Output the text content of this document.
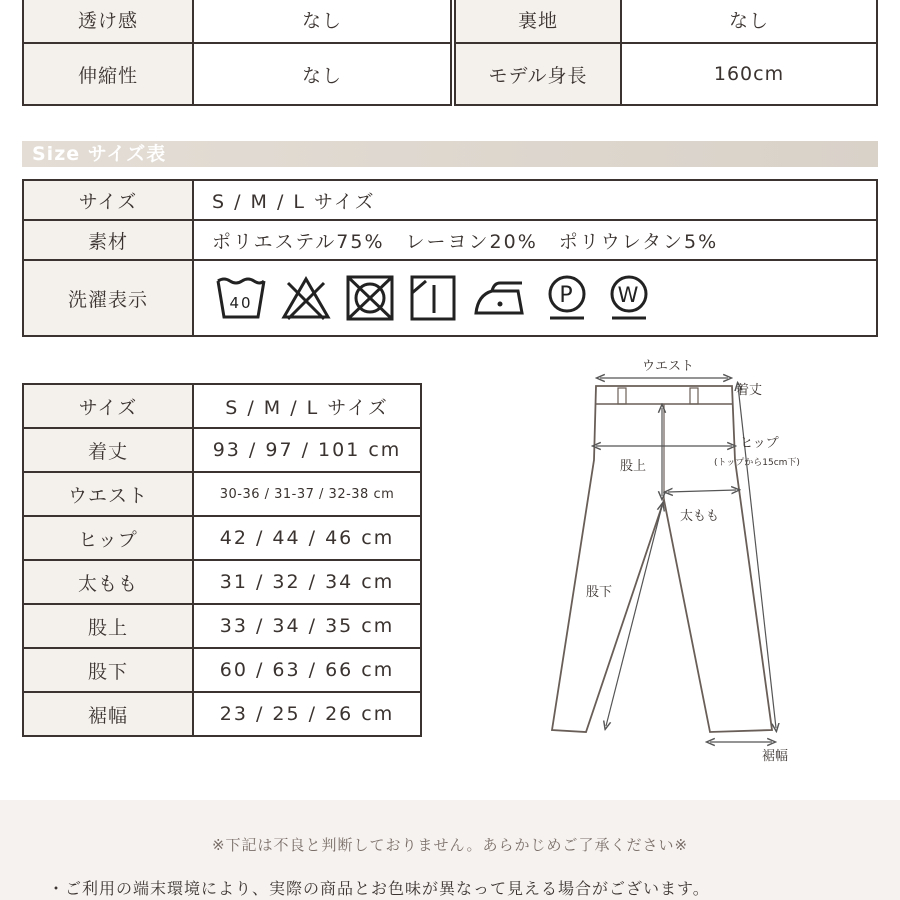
透け感	なし		裏地	なし
伸縮性	なし		モデル身長	160cm
Size サイズ表
サイズ	S / M / L サイズ
素材	ポリエステル75%　レーヨン20%　ポリウレタン5%
洗濯表示	40 P W
サイズ	S / M / L サイズ
着丈	93 / 97 / 101 cm
ウエスト	30-36 / 31-37 / 32-38 cm
ヒップ	42 / 44 / 46 cm
太もも	31 / 32 / 34 cm
股上	33 / 34 / 35 cm
股下	60 / 63 / 66 cm
裾幅	23 / 25 / 26 cm
ウエスト
着丈
ヒップ
(トップから15cm下)
股上
太もも
股下
裾幅
※下記は不良と判断しておりません。あらかじめご了承ください※
・ご利用の端末環境により、実際の商品とお色味が異なって見える場合がございます。
